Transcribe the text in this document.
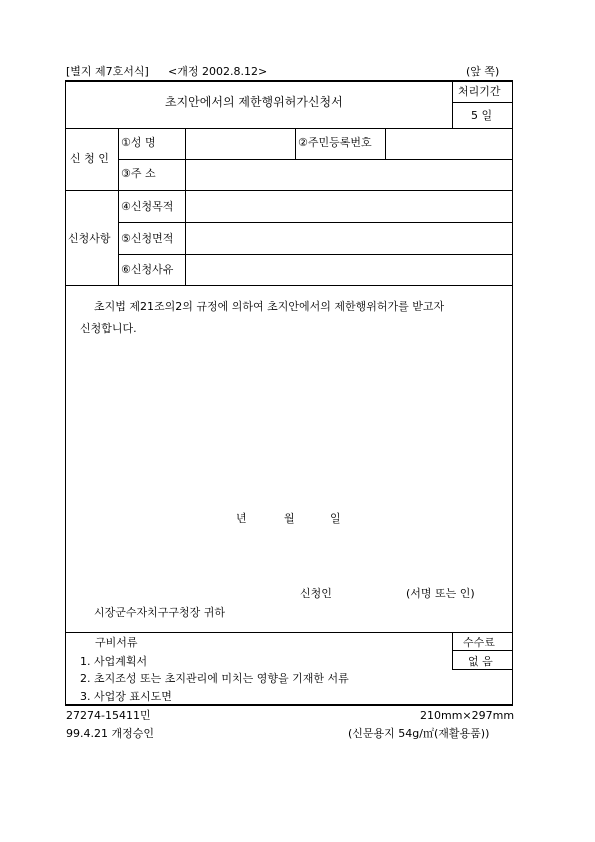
[별지 제7호서식] <개정 2002.8.12>	(앞 쪽)
초지안에서의 제한행위허가신청서
처리기간
5 일
신 청 인
①성 명	②주민등록번호
③주 소
신청사항
④신청목적
⑤신청면적
⑥신청사유
초지법 제21조의2의 규정에 의하여 초지안에서의 제한행위허가를 받고자
신청합니다.
년	월	일
신청인	(서명 또는 인)
시장군수자치구구청장 귀하
구비서류
1. 사업계획서
2. 초지조성 또는 초지관리에 미치는 영향을 기재한 서류
3. 사업장 표시도면
수수료
없 음
27274-15411민	210mm×297mm
99.4.21 개정승인	(신문용지 54g/㎡(재활용품))
